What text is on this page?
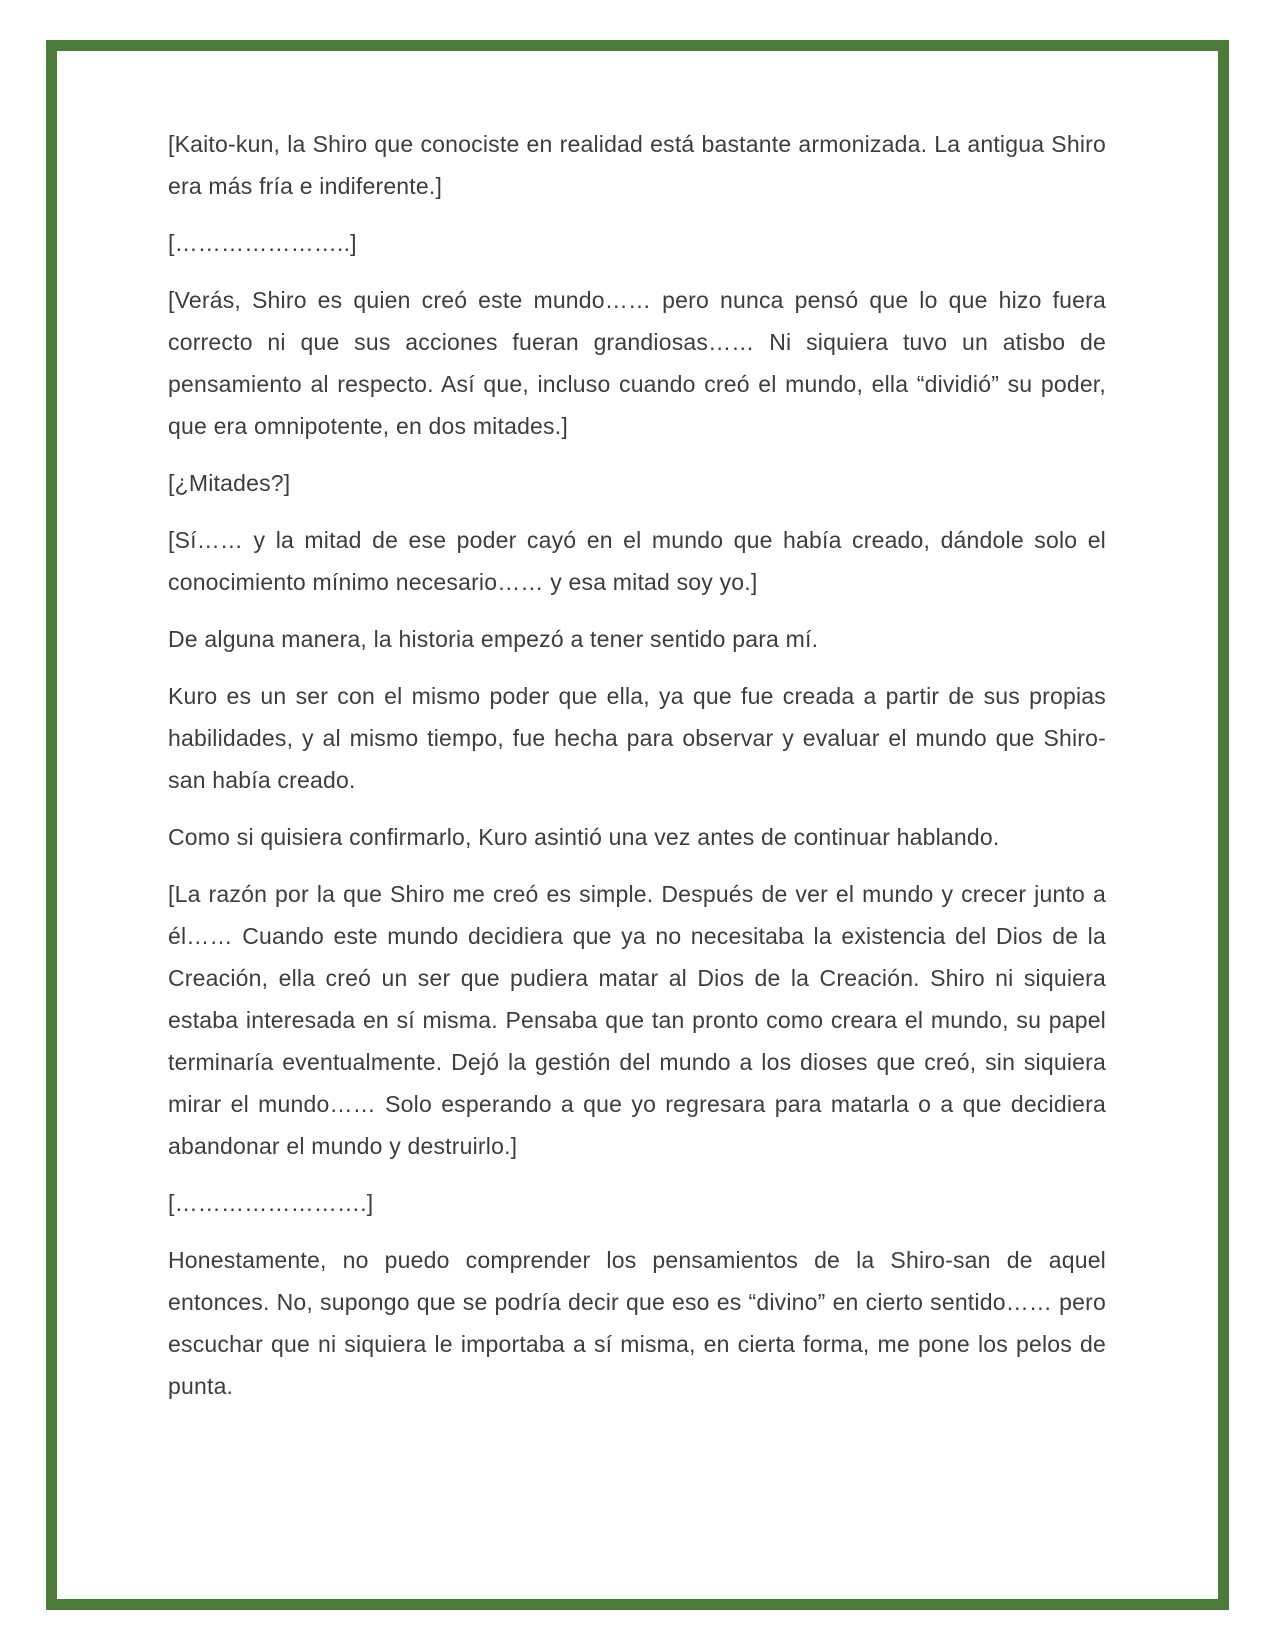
[Kaito-kun, la Shiro que conociste en realidad está bastante armonizada. La antigua Shiro era más fría e indiferente.]

[…………………..]

[Verás, Shiro es quien creó este mundo…… pero nunca pensó que lo que hizo fuera correcto ni que sus acciones fueran grandiosas…… Ni siquiera tuvo un atisbo de pensamiento al respecto. Así que, incluso cuando creó el mundo, ella “dividió” su poder, que era omnipotente, en dos mitades.]

[¿Mitades?]

[Sí…… y la mitad de ese poder cayó en el mundo que había creado, dándole solo el conocimiento mínimo necesario…… y esa mitad soy yo.]

De alguna manera, la historia empezó a tener sentido para mí.

Kuro es un ser con el mismo poder que ella, ya que fue creada a partir de sus propias habilidades, y al mismo tiempo, fue hecha para observar y evaluar el mundo que Shiro-san había creado.

Como si quisiera confirmarlo, Kuro asintió una vez antes de continuar hablando.

[La razón por la que Shiro me creó es simple. Después de ver el mundo y crecer junto a él…… Cuando este mundo decidiera que ya no necesitaba la existencia del Dios de la Creación, ella creó un ser que pudiera matar al Dios de la Creación. Shiro ni siquiera estaba interesada en sí misma. Pensaba que tan pronto como creara el mundo, su papel terminaría eventualmente. Dejó la gestión del mundo a los dioses que creó, sin siquiera mirar el mundo…… Solo esperando a que yo regresara para matarla o a que decidiera abandonar el mundo y destruirlo.]

[…………………….]

Honestamente, no puedo comprender los pensamientos de la Shiro-san de aquel entonces. No, supongo que se podría decir que eso es “divino” en cierto sentido…… pero escuchar que ni siquiera le importaba a sí misma, en cierta forma, me pone los pelos de punta.
